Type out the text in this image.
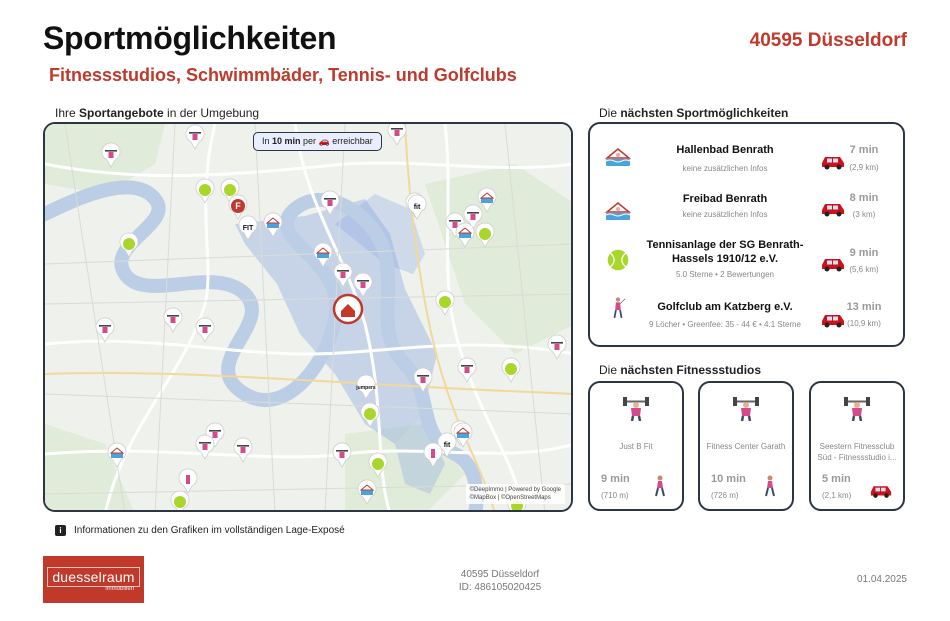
Sportmöglichkeiten
Fitnessstudios, Schwimmbäder, Tennis- und Golfclubs
40595 Düsseldorf
Ihre Sportangebote in der Umgebung
fit
fit
FIT
jumpers
F
In 10 min per 🚗 erreichbar
©DeepImmo | Powered by Google
©MapBox | ©OpenStreetMaps
Die nächsten Sportmöglichkeiten
Hallenbad Benrath
keine zusätzlichen Infos
7 min
(2,9 km)
Freibad Benrath
keine zusätzlichen Infos
8 min
(3 km)
Tennisanlage der SG Benrath-Hassels 1910/12 e.V.
5.0 Sterne • 2 Bewertungen
9 min
(5,6 km)
Golfclub am Katzberg e.V.
9 Löcher • Greenfee: 35 - 44 € • 4.1 Sterne
13 min
(10,9 km)
Die nächsten Fitnessstudios
Just B Fit
9 min
(710 m)
Fitness Center Garath
10 min
(726 m)
Seestern Fitnessclub Süd - Fitnessstudio i...
5 min
(2,1 km)
i	Informationen zu den Grafiken im vollständigen Lage-Exposé
duesselraum
immobilien
40595 Düsseldorf
ID: 486105020425
01.04.2025
